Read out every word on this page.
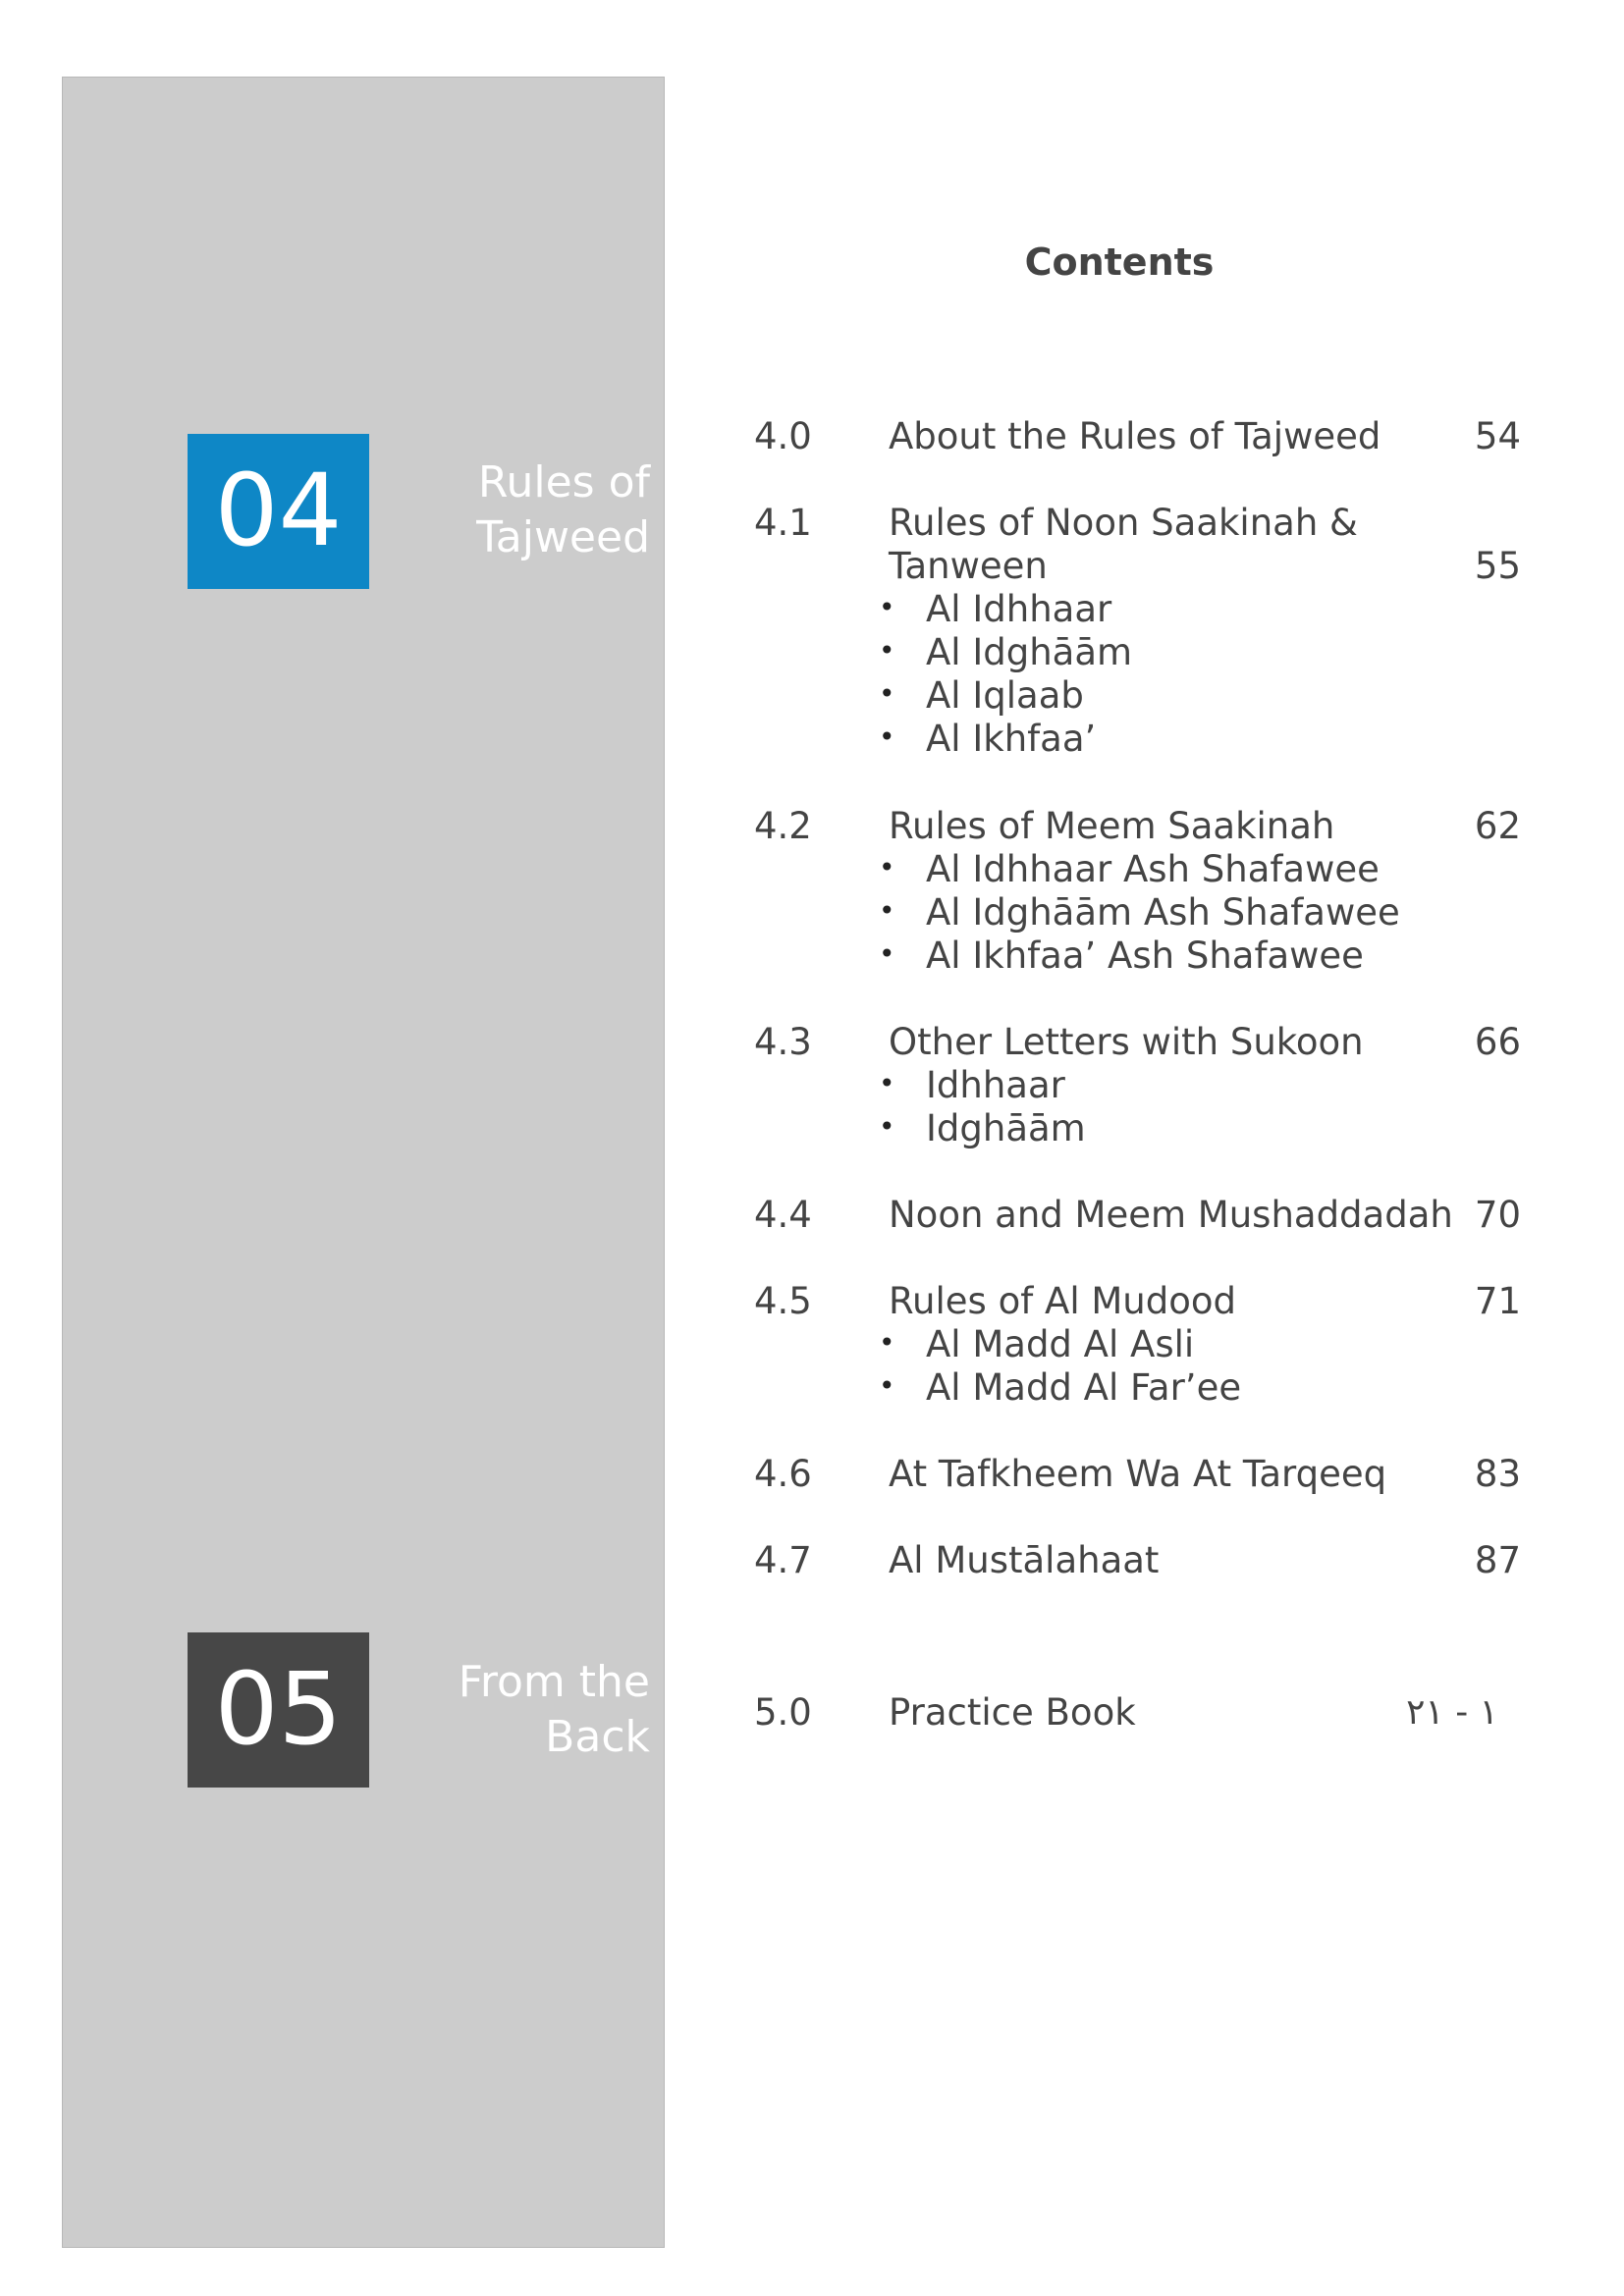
04	Rules of
Tajweed
05	From the
Back
Contents
4.0 About the Rules of Tajweed	54
4.1 Rules of Noon Saakinah &
Tanween	55
• Al Idhhaar
• Al Idghāām
• Al Iqlaab
• Al Ikhfaa’
4.2 Rules of Meem Saakinah	62
• Al Idhhaar Ash Shafawee
• Al Idghāām Ash Shafawee
• Al Ikhfaa’ Ash Shafawee
4.3 Other Letters with Sukoon	66
• Idhhaar
• Idghāām
4.4 Noon and Meem Mushaddadah 70
4.5 Rules of Al Mudood	71
• Al Madd Al Asli
• Al Madd Al Far’ee
4.6 At Tafkheem Wa At Tarqeeq 83
4.7 Al Mustālahaat	87
5.0 Practice Book	١ - ٢١
